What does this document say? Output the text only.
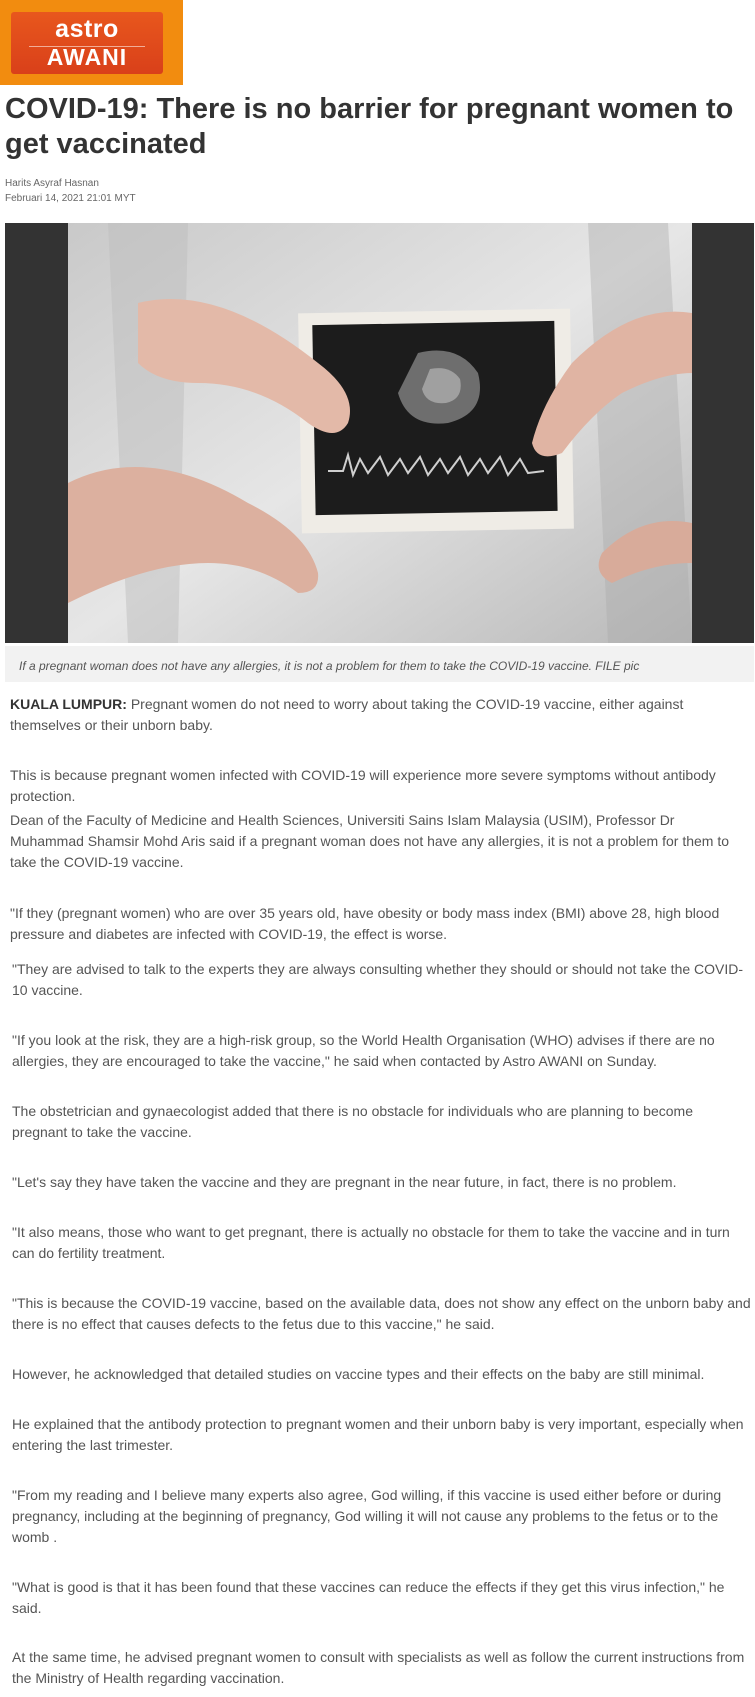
astro
AWANI
COVID-19: There is no barrier for pregnant women to get vaccinated
Harits Asyraf Hasnan
Februari 14, 2021 21:01 MYT
If a pregnant woman does not have any allergies, it is not a problem for them to take the COVID-19 vaccine. FILE pic

KUALA LUMPUR: Pregnant women do not need to worry about taking the COVID-19 vaccine, either against themselves or their unborn baby.

This is because pregnant women infected with COVID-19 will experience more severe symptoms without antibody protection.

Dean of the Faculty of Medicine and Health Sciences, Universiti Sains Islam Malaysia (USIM), Professor Dr Muhammad Shamsir Mohd Aris said if a pregnant woman does not have any allergies, it is not a problem for them to take the COVID-19 vaccine.

"If they (pregnant women) who are over 35 years old, have obesity or body mass index (BMI) above 28, high blood pressure and diabetes are infected with COVID-19, the effect is worse.

"They are advised to talk to the experts they are always consulting whether they should or should not take the COVID-10 vaccine.

"If you look at the risk, they are a high-risk group, so the World Health Organisation (WHO) advises if there are no allergies, they are encouraged to take the vaccine," he said when contacted by Astro AWANI on Sunday.

The obstetrician and gynaecologist added that there is no obstacle for individuals who are planning to become pregnant to take the vaccine.

"Let's say they have taken the vaccine and they are pregnant in the near future, in fact, there is no problem.

"It also means, those who want to get pregnant, there is actually no obstacle for them to take the vaccine and in turn can do fertility treatment.

"This is because the COVID-19 vaccine, based on the available data, does not show any effect on the unborn baby and there is no effect that causes defects to the fetus due to this vaccine," he said.

However, he acknowledged that detailed studies on vaccine types and their effects on the baby are still minimal.

He explained that the antibody protection to pregnant women and their unborn baby is very important, especially when entering the last trimester.

"From my reading and I believe many experts also agree, God willing, if this vaccine is used either before or during pregnancy, including at the beginning of pregnancy, God willing it will not cause any problems to the fetus or to the womb .

"What is good is that it has been found that these vaccines can reduce the effects if they get this virus infection," he said.

At the same time, he advised pregnant women to consult with specialists as well as follow the current instructions from the Ministry of Health regarding vaccination.
